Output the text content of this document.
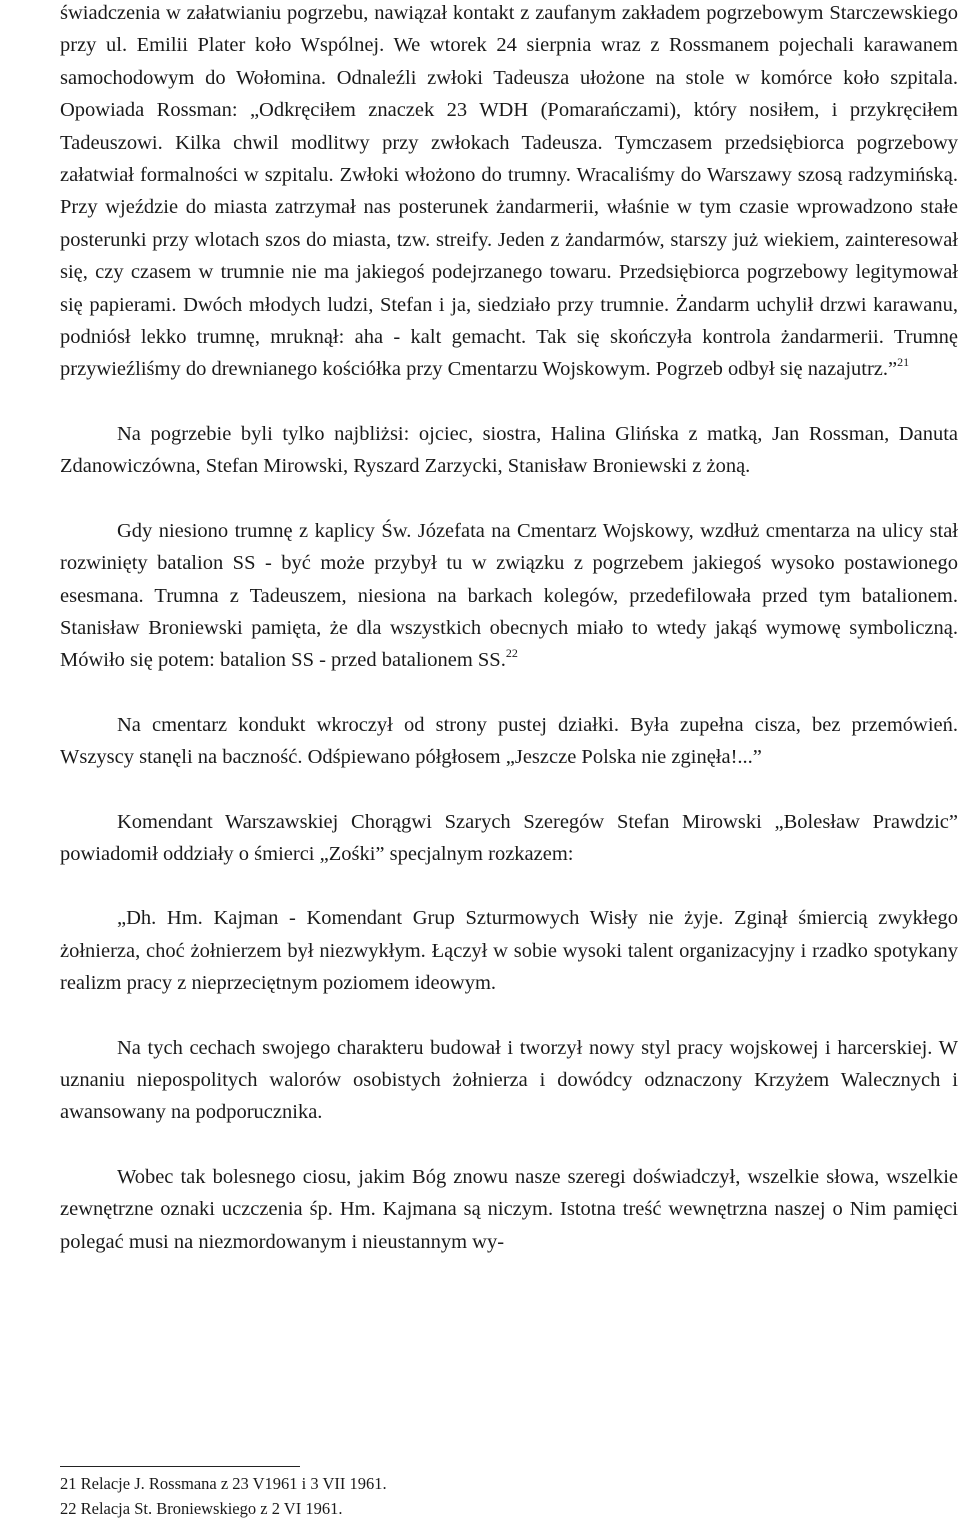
świadczenia w załatwianiu pogrzebu, nawiązał kontakt z zaufanym zakładem pogrzebowym Starczewskiego przy ul. Emilii Plater koło Wspólnej. We wtorek 24 sierpnia wraz z Rossmanem pojechali karawanem samochodowym do Wołomina. Odnaleźli zwłoki Tadeusza ułożone na stole w komórce koło szpitala. Opowiada Rossman: „Odkręciłem znaczek 23 WDH (Pomarańczami), który nosiłem, i przykręciłem Tadeuszowi. Kilka chwil modlitwy przy zwłokach Tadeusza. Tymczasem przedsiębiorca pogrzebowy załatwiał formalności w szpitalu. Zwłoki włożono do trumny. Wracaliśmy do Warszawy szosą radzymińską. Przy wjeździe do miasta zatrzymał nas posterunek żandarmerii, właśnie w tym czasie wprowadzono stałe posterunki przy wlotach szos do miasta, tzw. streify. Jeden z żandarmów, starszy już wiekiem, zainteresował się, czy czasem w trumnie nie ma jakiegoś podejrzanego towaru. Przedsiębiorca pogrzebowy legitymował się papierami. Dwóch młodych ludzi, Stefan i ja, siedziało przy trumnie. Żandarm uchylił drzwi karawanu, podniósł lekko trumnę, mruknął: aha - kalt gemacht. Tak się skończyła kontrola żandarmerii. Trumnę przywieźliśmy do drewnianego kościółka przy Cmentarzu Wojskowym. Pogrzeb odbył się nazajutrz.”$^{21}$

Na pogrzebie byli tylko najbliżsi: ojciec, siostra, Halina Glińska z matką, Jan Rossman, Danuta Zdanowiczówna, Stefan Mirowski, Ryszard Zarzycki, Stanisław Broniewski z żoną.

Gdy niesiono trumnę z kaplicy Św. Józefata na Cmentarz Wojskowy, wzdłuż cmentarza na ulicy stał rozwinięty batalion SS - być może przybył tu w związku z pogrzebem jakiegoś wysoko postawionego esesmana. Trumna z Tadeuszem, niesiona na barkach kolegów, przedefilowała przed tym batalionem. Stanisław Broniewski pamięta, że dla wszystkich obecnych miało to wtedy jakąś wymowę symboliczną. Mówiło się potem: batalion SS - przed batalionem SS.$^{22}$

Na cmentarz kondukt wkroczył od strony pustej działki. Była zupełna cisza, bez przemówień. Wszyscy stanęli na baczność. Odśpiewano półgłosem „Jeszcze Polska nie zginęła!...”

Komendant Warszawskiej Chorągwi Szarych Szeregów Stefan Mirowski „Bolesław Prawdzic” powiadomił oddziały o śmierci „Zośki” specjalnym rozkazem:

„Dh. Hm. Kajman - Komendant Grup Szturmowych Wisły nie żyje. Zginął śmiercią zwykłego żołnierza, choć żołnierzem był niezwykłym. Łączył w sobie wysoki talent organizacyjny i rzadko spotykany realizm pracy z nieprzeciętnym poziomem ideowym.

Na tych cechach swojego charakteru budował i tworzył nowy styl pracy wojskowej i harcerskiej. W uznaniu niepospolitych walorów osobistych żołnierza i dowódcy odznaczony Krzyżem Walecznych i awansowany na podporucznika.

Wobec tak bolesnego ciosu, jakim Bóg znowu nasze szeregi doświadczył, wszelkie słowa, wszelkie zewnętrzne oznaki uczczenia śp. Hm. Kajmana są niczym. Istotna treść wewnętrzna naszej o Nim pamięci polegać musi na niezmordowanym i nieustannym wy-

21 Relacje J. Rossmana z 23 V1961 i 3 VII 1961.

22 Relacja St. Broniewskiego z 2 VI 1961.
